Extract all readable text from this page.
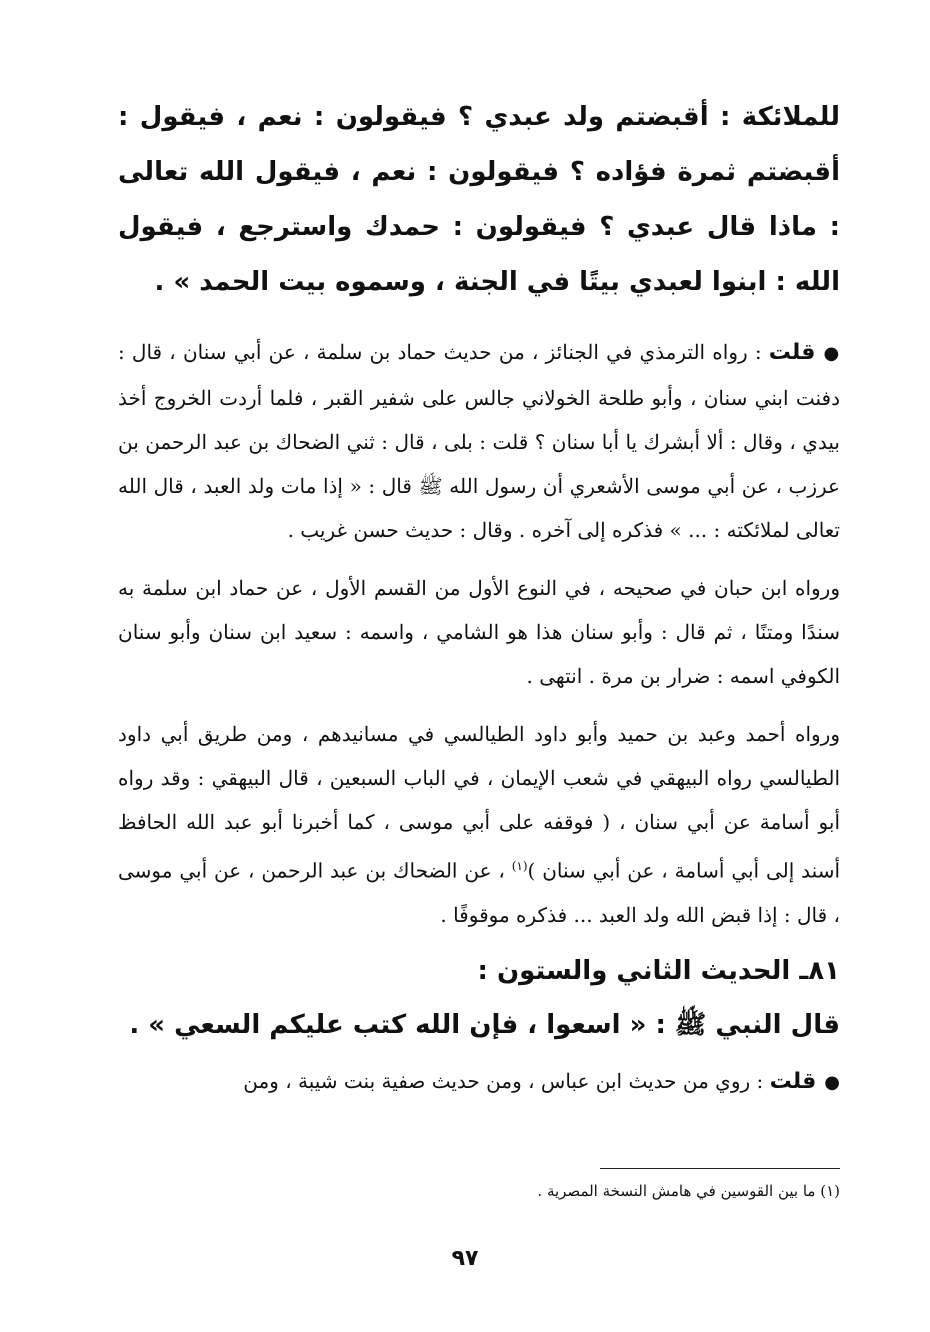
للملائكة : أقبضتم ولد عبدي ؟ فيقولون : نعم ، فيقول : أقبضتم ثمرة فؤاده ؟ فيقولون : نعم ، فيقول الله تعالى : ماذا قال عبدي ؟ فيقولون : حمدك واسترجع ، فيقول الله : ابنوا لعبدي بيتًا في الجنة ، وسموه بيت الحمد » .

●قلت : رواه الترمذي في الجنائز ، من حديث حماد بن سلمة ، عن أبي سنان ، قال : دفنت ابني سنان ، وأبو طلحة الخولاني جالس على شفير القبر ، فلما أردت الخروج أخذ بيدي ، وقال : ألا أبشرك يا أبا سنان ؟ قلت : بلى ، قال : ثني الضحاك بن عبد الرحمن بن عرزب ، عن أبي موسى الأشعري أن رسول الله ﷺ قال : « إذا مات ولد العبد ، قال الله تعالى لملائكته : ... » فذكره إلى آخره . وقال : حديث حسن غريب .

ورواه ابن حبان في صحيحه ، في النوع الأول من القسم الأول ، عن حماد ابن سلمة به سندًا ومتنًا ، ثم قال : وأبو سنان هذا هو الشامي ، واسمه : سعيد ابن سنان وأبو سنان الكوفي اسمه : ضرار بن مرة . انتهى .

ورواه أحمد وعبد بن حميد وأبو داود الطيالسي في مسانيدهم ، ومن طريق أبي داود الطيالسي رواه البيهقي في شعب الإيمان ، في الباب السبعين ، قال البيهقي : وقد رواه أبو أسامة عن أبي سنان ، ( فوقفه على أبي موسى ، كما أخبرنا أبو عبد الله الحافظ أسند إلى أبي أسامة ، عن أبي سنان )$^{(١)}$ ، عن الضحاك بن عبد الرحمن ، عن أبي موسى ، قال : إذا قبض الله ولد العبد ... فذكره موقوفًا .

٨١ـ الحديث الثاني والستون :

قال النبي ﷺ : « اسعوا ، فإن الله كتب عليكم السعي » .

●قلت : روي من حديث ابن عباس ، ومن حديث صفية بنت شيبة ، ومن

(١) ما بين القوسين في هامش النسخة المصرية .
٩٧
